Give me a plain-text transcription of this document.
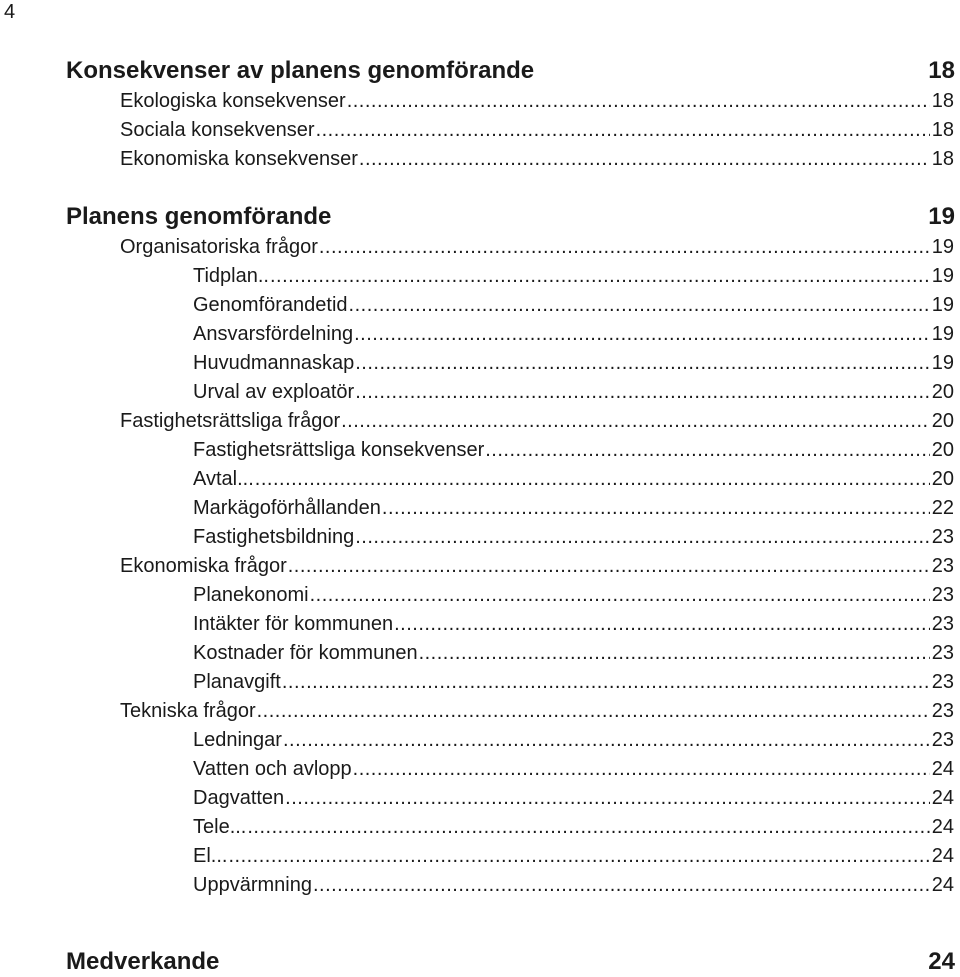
4
Konsekvenser av planens genomförande	18
Ekologiska konsekvenser .....	18
Sociala konsekvenser .....	18
Ekonomiska konsekvenser .....	18
Planens genomförande	19
Organisatoriska frågor .....	19
Tidplan.. .....	19
Genomförandetid .....	19
Ansvarsfördelning .....	19
Huvudmannaskap .....	19
Urval av exploatör .....	20
Fastighetsrättsliga frågor .....	20
Fastighetsrättsliga konsekvenser .....	20
Avtal... .....	20
Markägoförhållanden .....	22
Fastighetsbildning .....	23
Ekonomiska frågor .....	23
Planekonomi .....	23
Intäkter för kommunen .....	23
Kostnader för kommunen .....	23
Planavgift .....	23
Tekniska frågor .....	23
Ledningar .....	23
Vatten och avlopp .....	24
Dagvatten .....	24
Tele... .....	24
El... .....	24
Uppvärmning .....	24
Medverkande	24
